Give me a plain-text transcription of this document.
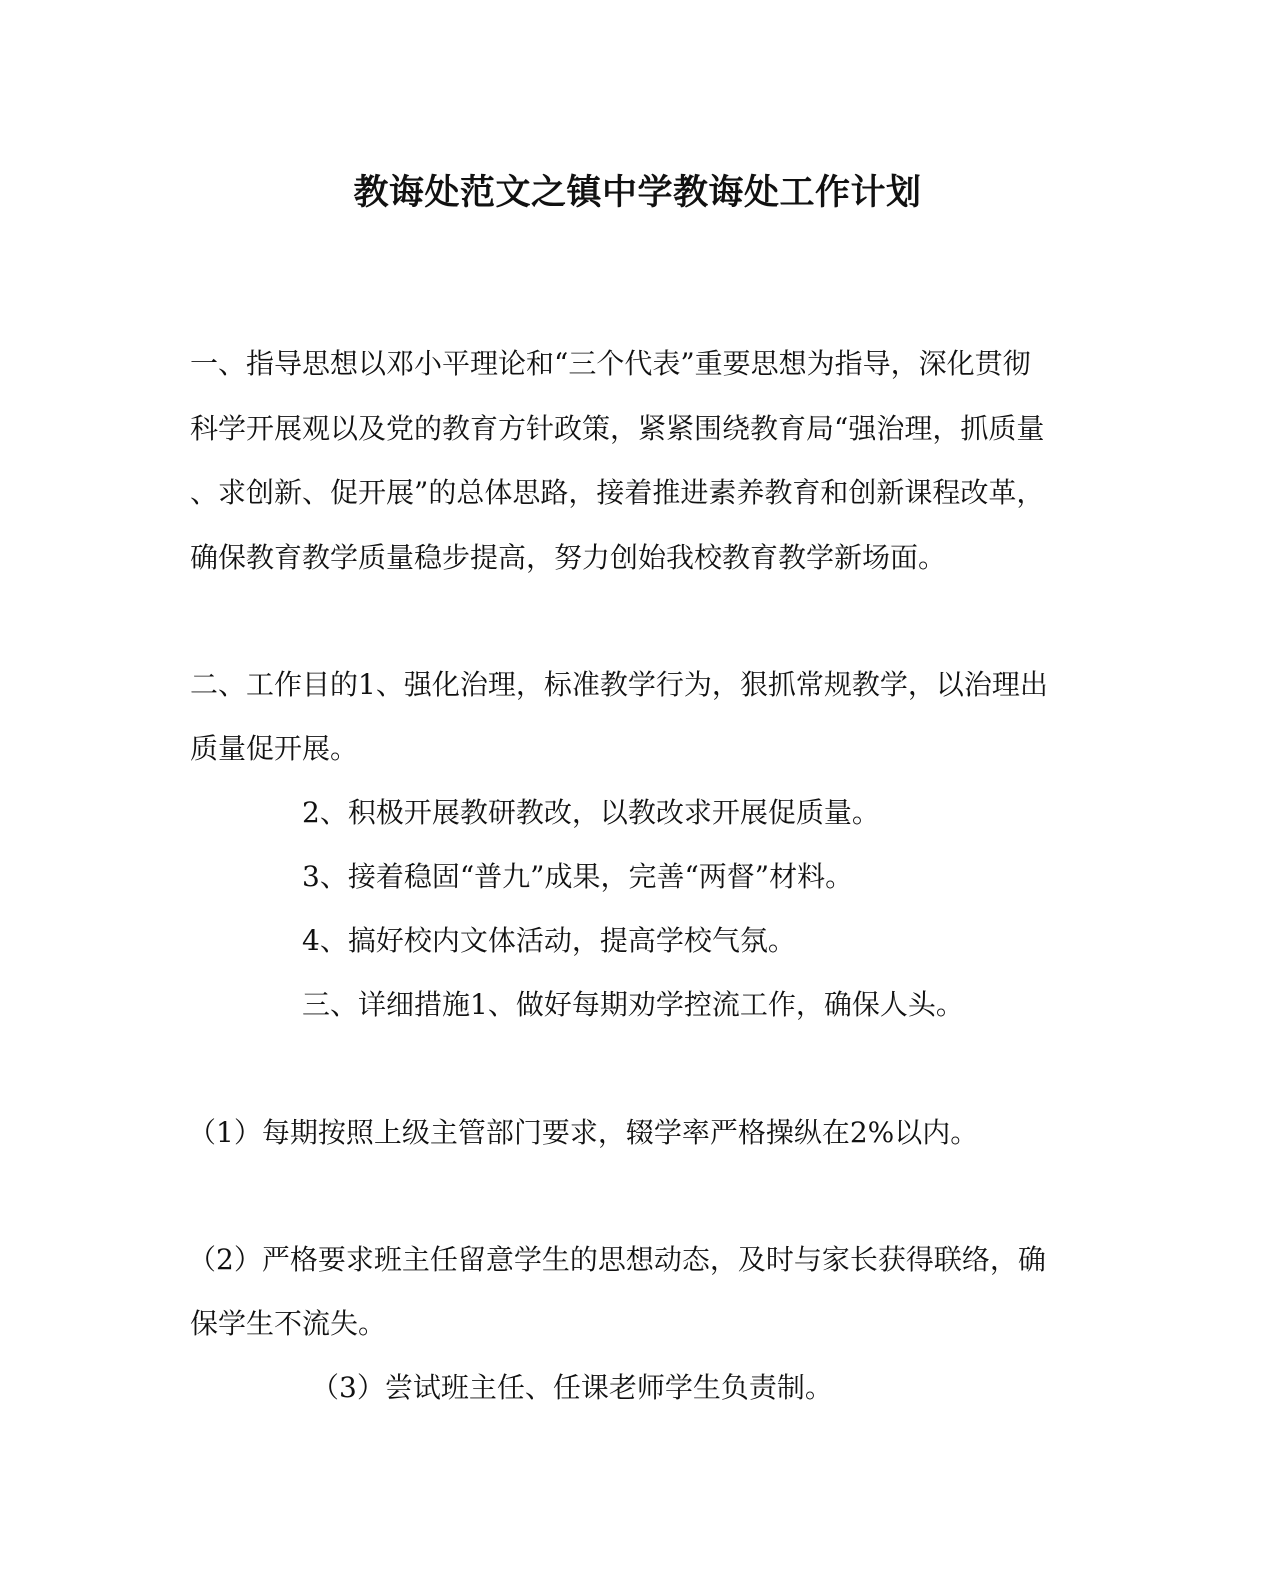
教诲处范文之镇中学教诲处工作计划

一、指导思想以邓小平理论和“三个代表”重要思想为指导，深化贯彻

科学开展观以及党的教育方针政策，紧紧围绕教育局“强治理，抓质量

、求创新、促开展”的总体思路，接着推进素养教育和创新课程改革，

确保教育教学质量稳步提高，努力创始我校教育教学新场面。

二、工作目的1、强化治理，标准教学行为，狠抓常规教学，以治理出

质量促开展。

2、积极开展教研教改，以教改求开展促质量。

3、接着稳固“普九”成果，完善“两督”材料。

4、搞好校内文体活动，提高学校气氛。

三、详细措施1、做好每期劝学控流工作，确保人头。

（1）每期按照上级主管部门要求，辍学率严格操纵在2%以内。

（2）严格要求班主任留意学生的思想动态，及时与家长获得联络，确

保学生不流失。

（3）尝试班主任、任课老师学生负责制。
